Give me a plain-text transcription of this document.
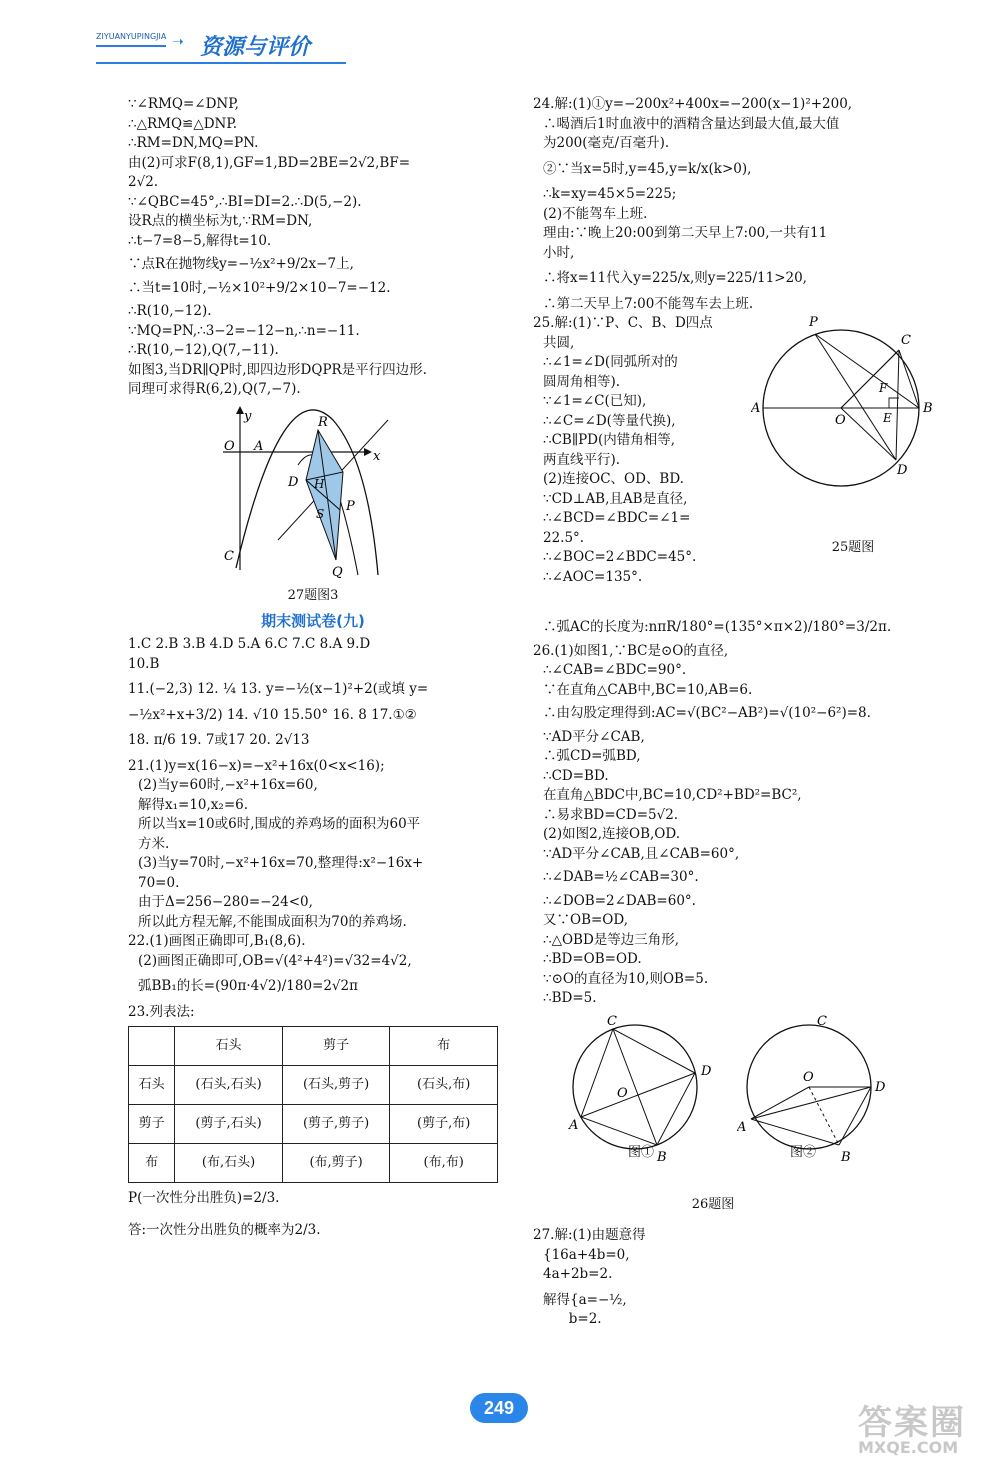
ZIYUANYUPINGJIA ➝ 资源与评价
∵∠RMQ=∠DNP,
∴△RMQ≌△DNP.
∴RM=DN,MQ=PN.
由(2)可求F(8,1),GF=1,BD=2BE=2√2,BF=
2√2.
∵∠QBC=45°,∴BI=DI=2.∴D(5,−2).
设R点的横坐标为t,∵RM=DN,
∴t−7=8−5,解得t=10.
∵点R在抛物线y=−½x²+9/2x−7上,
∴当t=10时,−½×10²+9/2×10−7=−12.
∴R(10,−12).
∵MQ=PN,∴3−2=−12−n,∴n=−11.
∴R(10,−12),Q(7,−11).
如图3,当DR∥QP时,即四边形DQPR是平行四边形.
同理可求得R(6,2),Q(7,−7).
y
O A
R
D
P
S
H
x
C
Q
27题图3
期末测试卷(九)
1.C 2.B 3.B 4.D 5.A 6.C 7.C 8.A 9.D
10.B
11.(−2,3) 12. ¼ 13. y=−½(x−1)²+2(或填 y=
−½x²+x+3/2) 14. √10 15.50° 16. 8 17.①②
18. π/6 19. 7或17 20. 2√13
21.(1)y=x(16−x)=−x²+16x(0<x<16);
(2)当y=60时,−x²+16x=60,
解得x₁=10,x₂=6.
所以当x=10或6时,围成的养鸡场的面积为60平
方米.
(3)当y=70时,−x²+16x=70,整理得:x²−16x+
70=0.
由于Δ=256−280=−24<0,
所以此方程无解,不能围成面积为70的养鸡场.
22.(1)画图正确即可,B₁(8,6).
(2)画图正确即可,OB=√(4²+4²)=√32=4√2,
弧BB₁的长=(90π·4√2)/180=2√2π
23.列表法:
	石头	剪子	布
石头	(石头,石头)	(石头,剪子)	(石头,布)
剪子	(剪子,石头)	(剪子,剪子)	(剪子,布)
布	(布,石头)	(布,剪子)	(布,布)
P(一次性分出胜负)=2/3.
答:一次性分出胜负的概率为2/3.
24.解:(1)①y=−200x²+400x=−200(x−1)²+200,
∴喝酒后1时血液中的酒精含量达到最大值,最大值
为200(毫克/百毫升).
②∵当x=5时,y=45,y=k/x(k>0),
∴k=xy=45×5=225;
(2)不能驾车上班.
理由:∵晚上20:00到第二天早上7:00,一共有11
小时,
∴将x=11代入y=225/x,则y=225/11>20,
∴第二天早上7:00不能驾车去上班.
25.解:(1)∵P、C、B、D四点
共圆,
∴∠1=∠D(同弧所对的
圆周角相等).
∵∠1=∠C(已知),
∴∠C=∠D(等量代换),
∴CB∥PD(内错角相等,
两直线平行).
(2)连接OC、OD、BD.
∵CD⊥AB,且AB是直径,
∴∠BCD=∠BDC=∠1=
22.5°.
∴∠BOC=2∠BDC=45°.
∴∠AOC=135°.
P
C
A
O
B
D
F
E
25题图
∴弧AC的长度为:nπR/180°=(135°×π×2)/180°=3/2π.
26.(1)如图1,∵BC是⊙O的直径,
∴∠CAB=∠BDC=90°.
∵在直角△CAB中,BC=10,AB=6.
∴由勾股定理得到:AC=√(BC²−AB²)=√(10²−6²)=8.
∵AD平分∠CAB,
∴弧CD=弧BD,
∴CD=BD.
在直角△BDC中,BC=10,CD²+BD²=BC²,
∴易求BD=CD=5√2.
(2)如图2,连接OB,OD.
∵AD平分∠CAB,且∠CAB=60°,
∴∠DAB=½∠CAB=30°.
∴∠DOB=2∠DAB=60°.
又∵OB=OD,
∴△OBD是等边三角形,
∴BD=OB=OD.
∵⊙O的直径为10,则OB=5.
∴BD=5.
C
D
A
B
O
C
D
A
B
O
图①	图②
26题图
27.解:(1)由题意得
{16a+4b=0,
4a+2b=2.
解得{a=−½,
b=2.
249	答案圈
MXQE.COM
